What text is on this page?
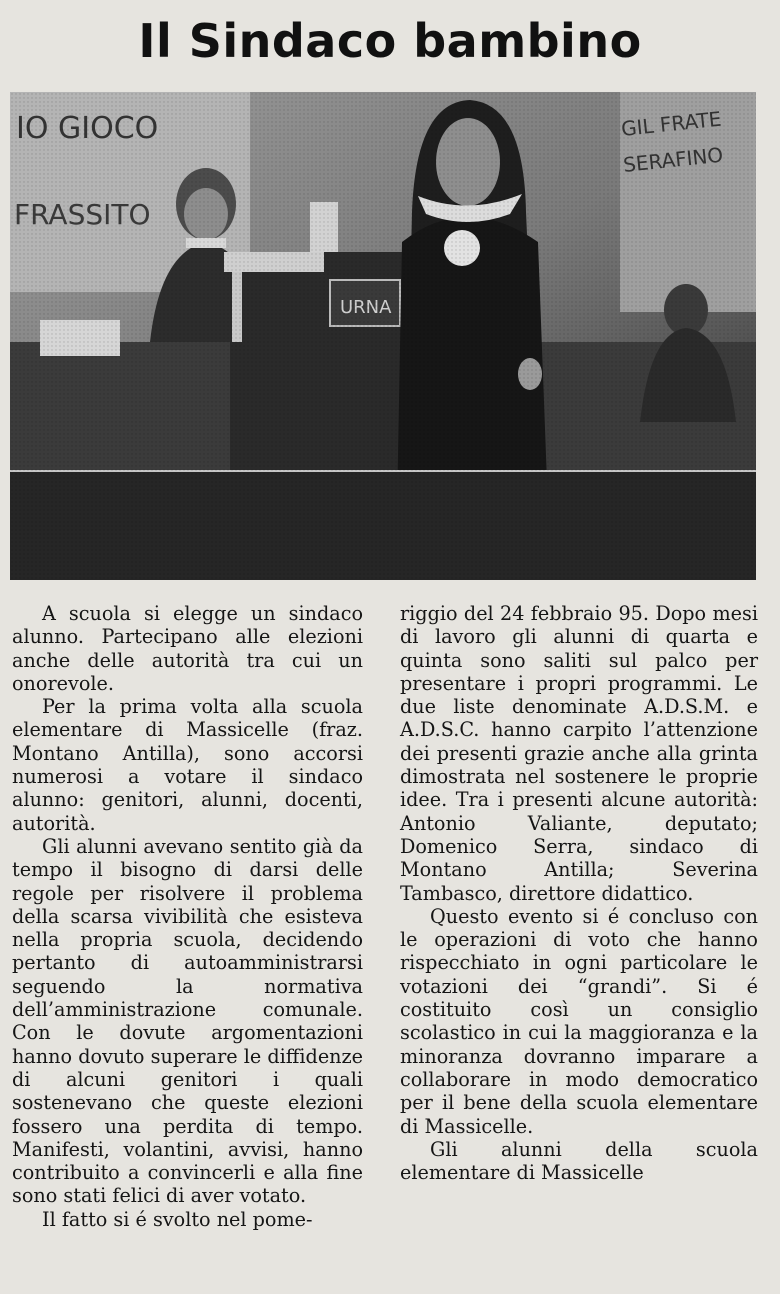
Il Sindaco bambino

A scuola si elegge un sindaco alunno. Partecipano alle elezioni anche delle autorità tra cui un onorevole.

Per la prima volta alla scuola elementare di Massicelle (fraz. Montano Antilla), sono accorsi numerosi a votare il sindaco alunno: genitori, alunni, docenti, autorità.

Gli alunni avevano sentito già da tempo il bisogno di darsi delle regole per risolvere il problema della scarsa vivibilità che esisteva nella propria scuola, decidendo pertanto di autoamministrarsi seguendo la normativa dell’amministrazione comunale. Con le dovute argomentazioni hanno dovuto superare le diffidenze di alcuni genitori i quali sostenevano che queste elezioni fossero una perdita di tempo. Manifesti, volantini, avvisi, hanno contribuito a convincerli e alla fine sono stati felici di aver votato.

Il fatto si é svolto nel pome-

riggio del 24 febbraio 95. Dopo mesi di lavoro gli alunni di quarta e quinta sono saliti sul palco per presentare i propri programmi. Le due liste denominate A.D.S.M. e A.D.S.C. hanno carpito l’attenzione dei presenti grazie anche alla grinta dimostrata nel sostenere le proprie idee. Tra i presenti alcune autorità: Antonio Valiante, deputato; Domenico Serra, sindaco di Montano Antilla; Severina Tambasco, direttore didattico.

Questo evento si é concluso con le operazioni di voto che hanno rispecchiato in ogni particolare le votazioni dei “grandi”. Si é costituito così un consiglio scolastico in cui la maggioranza e la minoranza dovranno imparare a collaborare in modo democratico per il bene della scuola elementare di Massicelle.

Gli alunni della scuola elementare di Massicelle
